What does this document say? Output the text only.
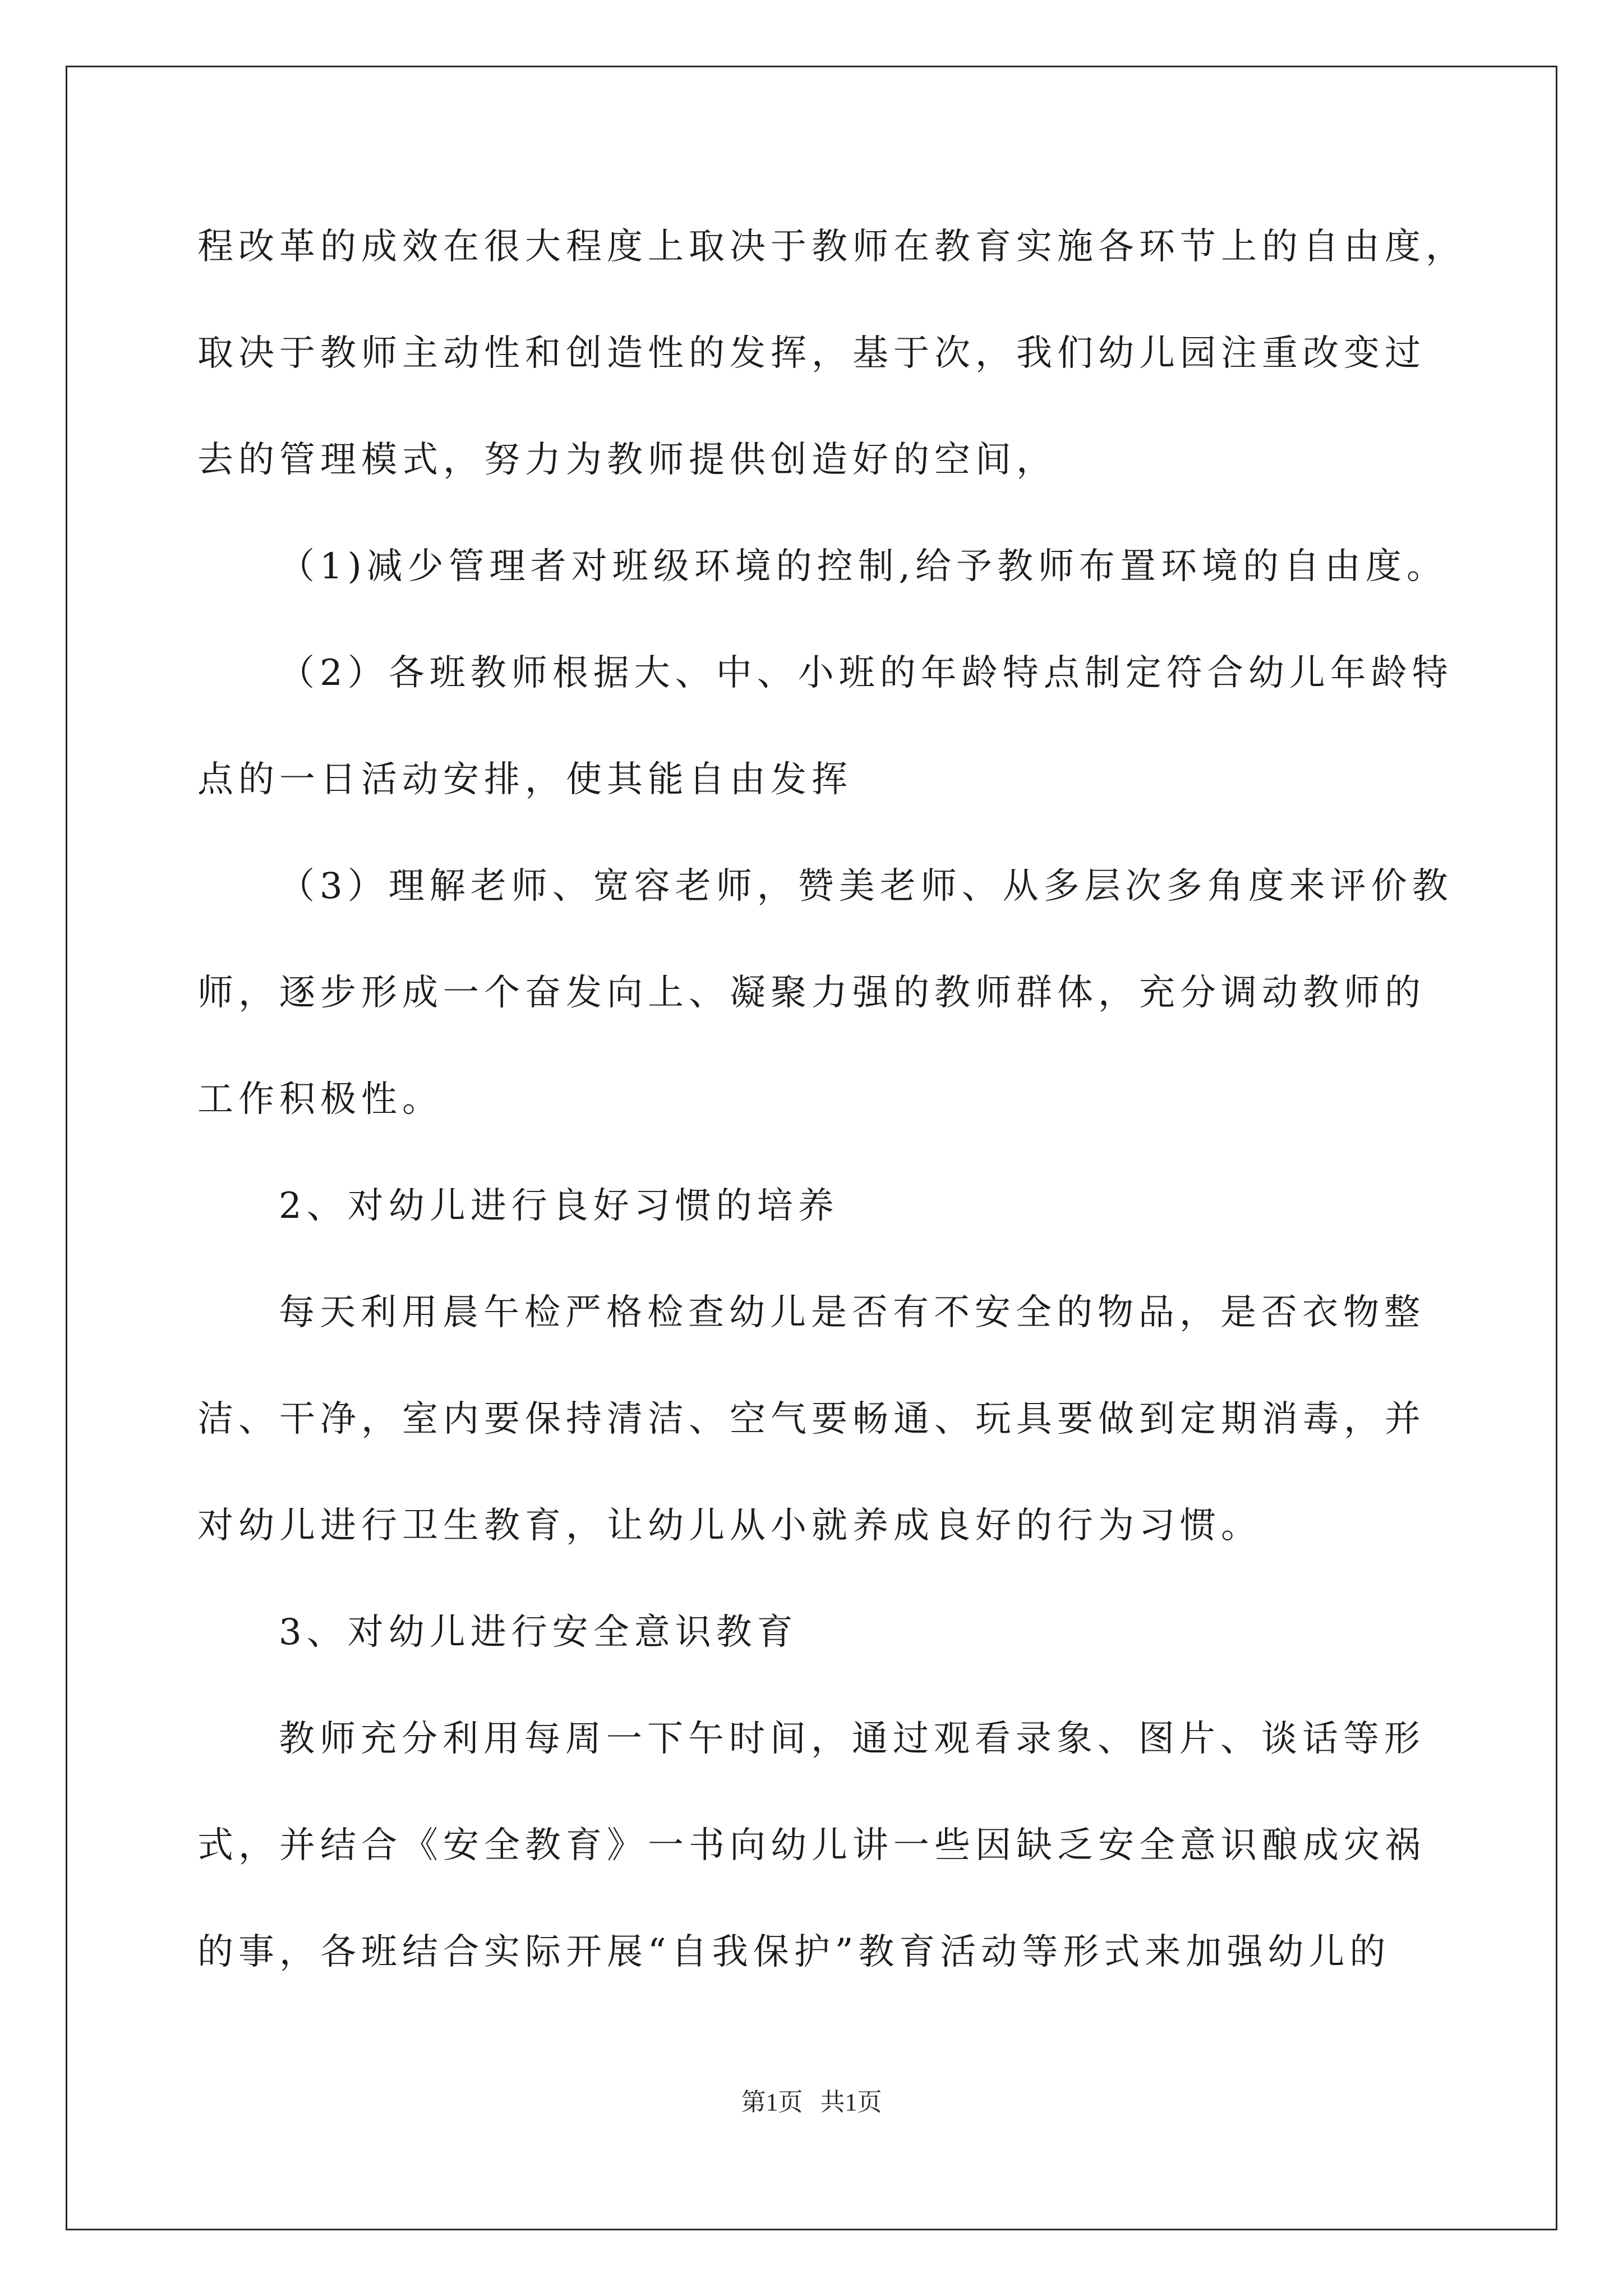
程改革的成效在很大程度上取决于教师在教育实施各环节上的自由度，
取决于教师主动性和创造性的发挥，基于次，我们幼儿园注重改变过
去的管理模式，努力为教师提供创造好的空间，
（1)减少管理者对班级环境的控制,给予教师布置环境的自由度。
（2）各班教师根据大、中、小班的年龄特点制定符合幼儿年龄特
点的一日活动安排，使其能自由发挥
（3）理解老师、宽容老师，赞美老师、从多层次多角度来评价教
师，逐步形成一个奋发向上、凝聚力强的教师群体，充分调动教师的
工作积极性。
2、对幼儿进行良好习惯的培养
每天利用晨午检严格检查幼儿是否有不安全的物品，是否衣物整
洁、干净，室内要保持清洁、空气要畅通、玩具要做到定期消毒，并
对幼儿进行卫生教育，让幼儿从小就养成良好的行为习惯。
3、对幼儿进行安全意识教育
教师充分利用每周一下午时间，通过观看录象、图片、谈话等形
式，并结合《安全教育》一书向幼儿讲一些因缺乏安全意识酿成灾祸
的事，各班结合实际开展“自我保护”教育活动等形式来加强幼儿的
第1页 共1页
